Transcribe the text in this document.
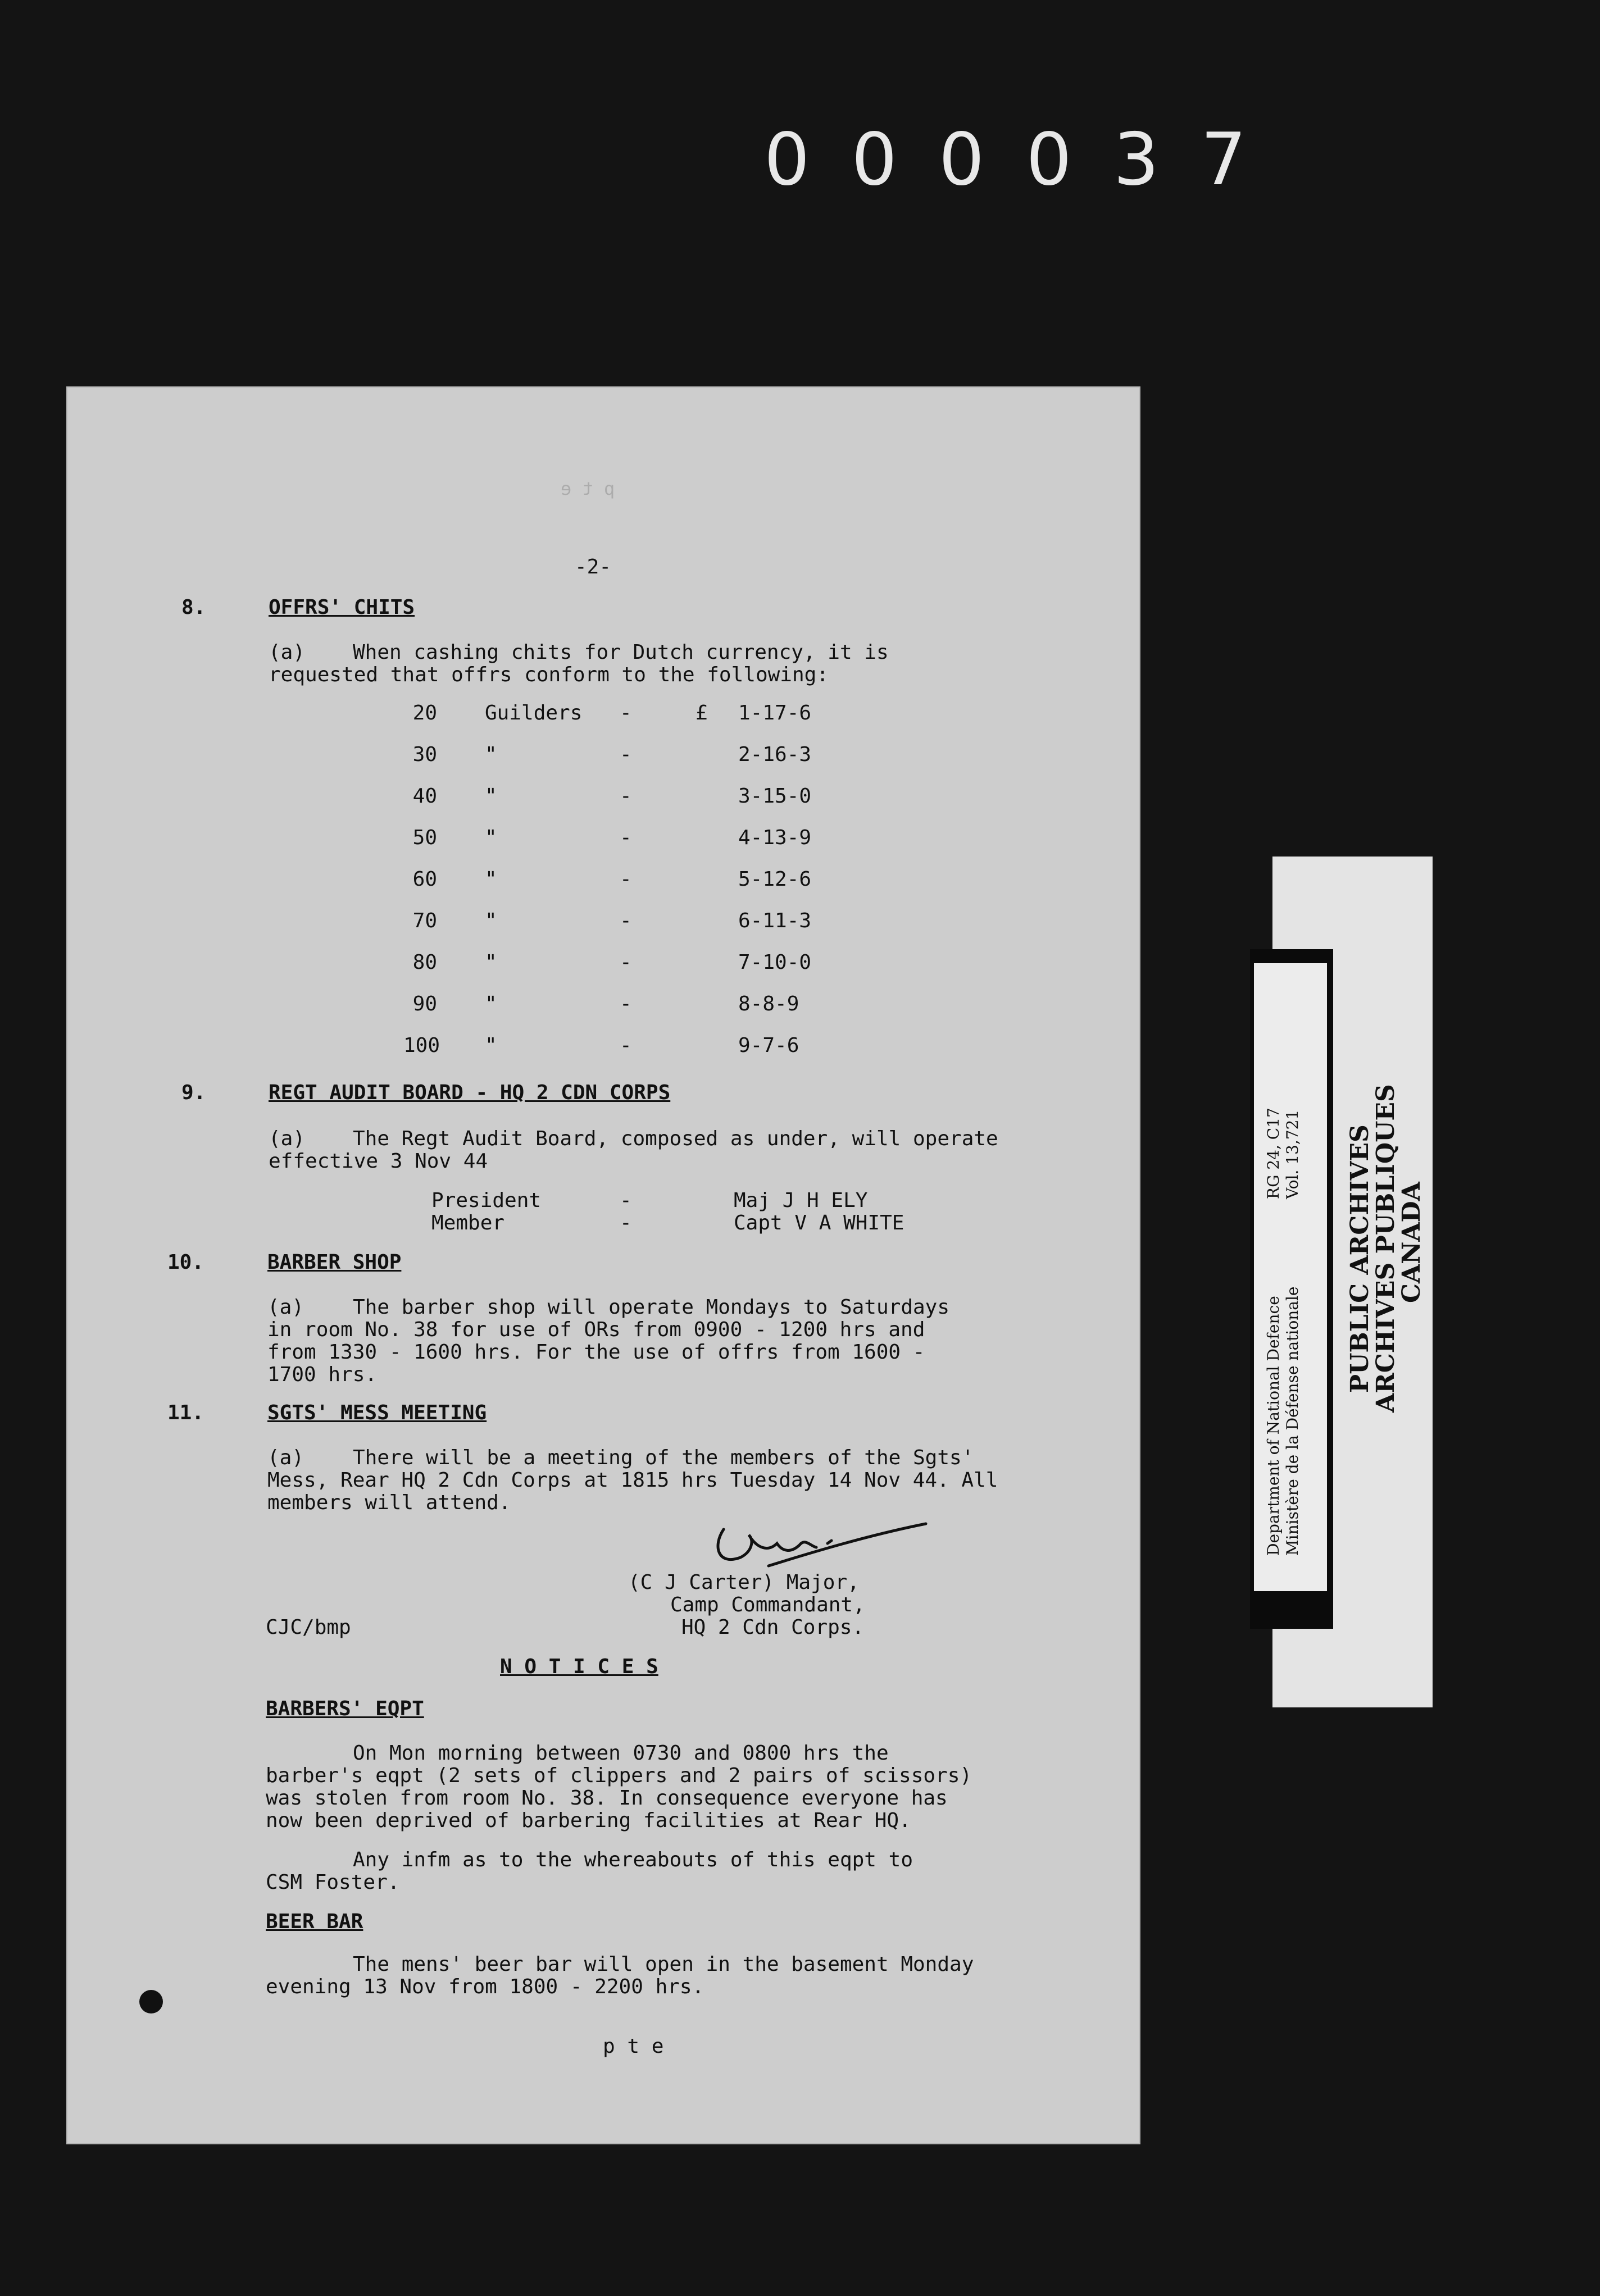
000037
p t e
-2-
8.	OFFRS' CHITS
(a)	When cashing chits for Dutch currency, it is requested that offrs conform to the following:
20 Guilders	-	£	1-17-6
30 "	-	2-16-3
40 "	-	3-15-0
50 "	-	4-13-9
60 "	-	5-12-6
70 "	-	6-11-3
80 "	-	7-10-0
90 "	-	8-8-9
100 "	-	9-7-6
9.	REGT AUDIT BOARD - HQ 2 CDN CORPS
(a) The Regt Audit Board, composed as under, will operate
effective 3 Nov 44
President	-	Maj J H ELY
Member	-	Capt V A WHITE
10.	BARBER SHOP
(a) The barber shop will operate Mondays to Saturdays
in room No. 38 for use of ORs from 0900 - 1200 hrs and
from 1330 - 1600 hrs. For the use of offrs from 1600 -
1700 hrs.
11.	SGTS' MESS MEETING
(a) There will be a meeting of the members of the Sgts'
Mess, Rear HQ 2 Cdn Corps at 1815 hrs Tuesday 14 Nov 44. All
members will attend.
(C J Carter) Major,
Camp Commandant,
HQ 2 Cdn Corps.
CJC/bmp
N O T I C E S
BARBERS' EQPT
On Mon morning between 0730 and 0800 hrs the
barber's eqpt (2 sets of clippers and 2 pairs of scissors)
was stolen from room No. 38. In consequence everyone has
now been deprived of barbering facilities at Rear HQ.
Any infm as to the whereabouts of this eqpt to
CSM Foster.
BEER BAR
The mens' beer bar will open in the basement Monday
evening 13 Nov from 1800 - 2200 hrs.
p t e
Department of National Defence Ministère de la Défense nationale
RG 24, C17 Vol. 13,721 PUBLIC ARCHIVES
ARCHIVES PUBLIQUES
CANADA
